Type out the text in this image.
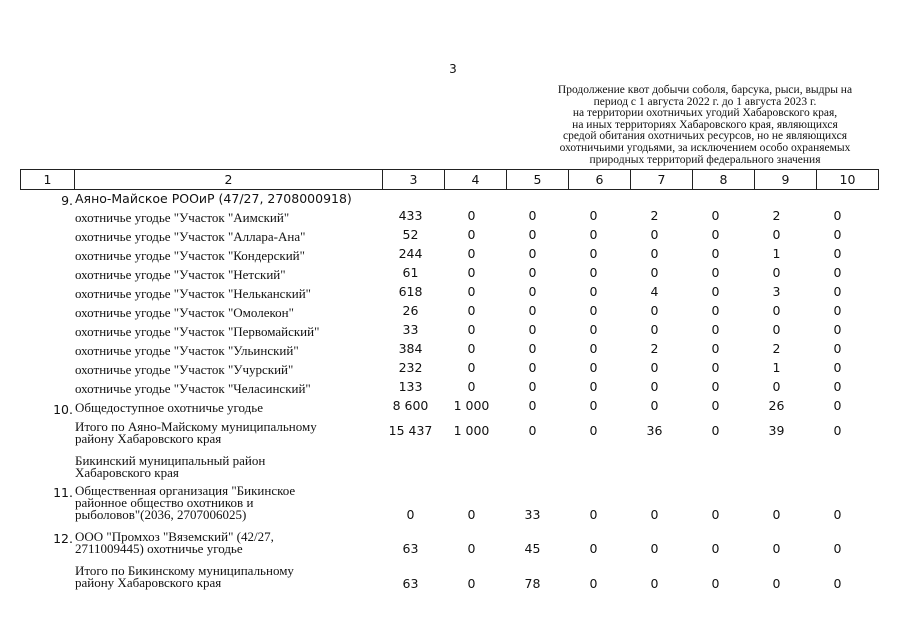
3
Продолжение квот добычи соболя, барсука, рыси, выдры на
период с 1 августа 2022 г. до 1 августа 2023 г.
на территории охотничьих угодий Хабаровского края,
на иных территориях Хабаровского края, являющихся
средой обитания охотничьих ресурсов, но не являющихся
охотничьими угодьями, за исключением особо охраняемых
природных территорий федерального значения
1	2	3	4	5	6	7	8	9	10
9. Аяно-Майское РООиР (47/27, 2708000918)
охотничье угодье "Участок "Аимский"	433	0	0	0	2	0	2	0
охотничье угодье "Участок "Аллара-Ана"	52	0	0	0	0	0	0	0
охотничье угодье "Участок "Кондерский"	244	0	0	0	0	0	1	0
охотничье угодье "Участок "Нетский"	61	0	0	0	0	0	0	0
охотничье угодье "Участок "Нельканский"	618	0	0	0	4	0	3	0
охотничье угодье "Участок "Омолекон"	26	0	0	0	0	0	0	0
охотничье угодье "Участок "Первомайский"	33	0	0	0	0	0	0	0
охотничье угодье "Участок "Ульинский"	384	0	0	0	2	0	2	0
охотничье угодье "Участок "Учурский"	232	0	0	0	0	0	1	0
охотничье угодье "Участок "Челасинский"	133	0	0	0	0	0	0	0
10. Общедоступное охотничье угодье	8 600	1 000	0	0	0	0	26	0
Итого по Аяно-Майскому муниципальному
району Хабаровского края
15 437	1 000	0	0	36	0	39	0
Бикинский муниципальный район
Хабаровского края
11. Общественная организация "Бикинское
районное общество охотников и
рыболовов"(2036, 2707006025)	0	0	33	0	0	0	0	0
12. ООО "Промхоз "Вяземский" (42/27,
2711009445) охотничье угодье	63	0	45	0	0	0	0	0
Итого по Бикинскому муниципальному
району Хабаровского края	63	0	78	0	0	0	0	0
